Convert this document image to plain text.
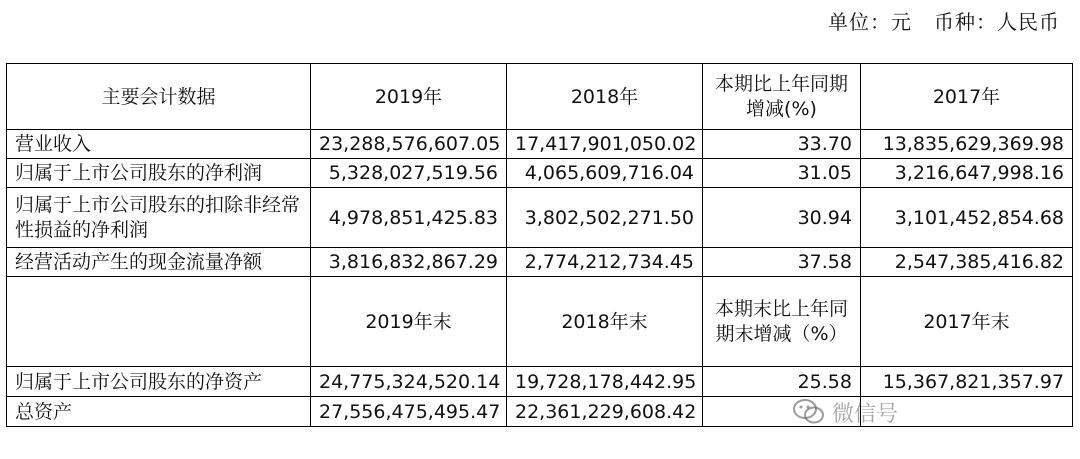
单位：元 币种：人民币
主要会计数据	2019年	2018年	本期比上年同期增减(%)	2017年
营业收入	23,288,576,607.05	17,417,901,050.02	33.70	13,835,629,369.98
归属于上市公司股东的净利润	5,328,027,519.56	4,065,609,716.04	31.05	3,216,647,998.16
归属于上市公司股东的扣除非经常性损益的净利润	4,978,851,425.83	3,802,502,271.50	30.94	3,101,452,854.68
经营活动产生的现金流量净额	3,816,832,867.29	2,774,212,734.45	37.58	2,547,385,416.82
	2019年末	2018年末	本期末比上年同期末增减（%）	2017年末
归属于上市公司股东的净资产	24,775,324,520.14	19,728,178,442.95	25.58	15,367,821,357.97
总资产	27,556,475,495.47	22,361,229,608.42			微信号
